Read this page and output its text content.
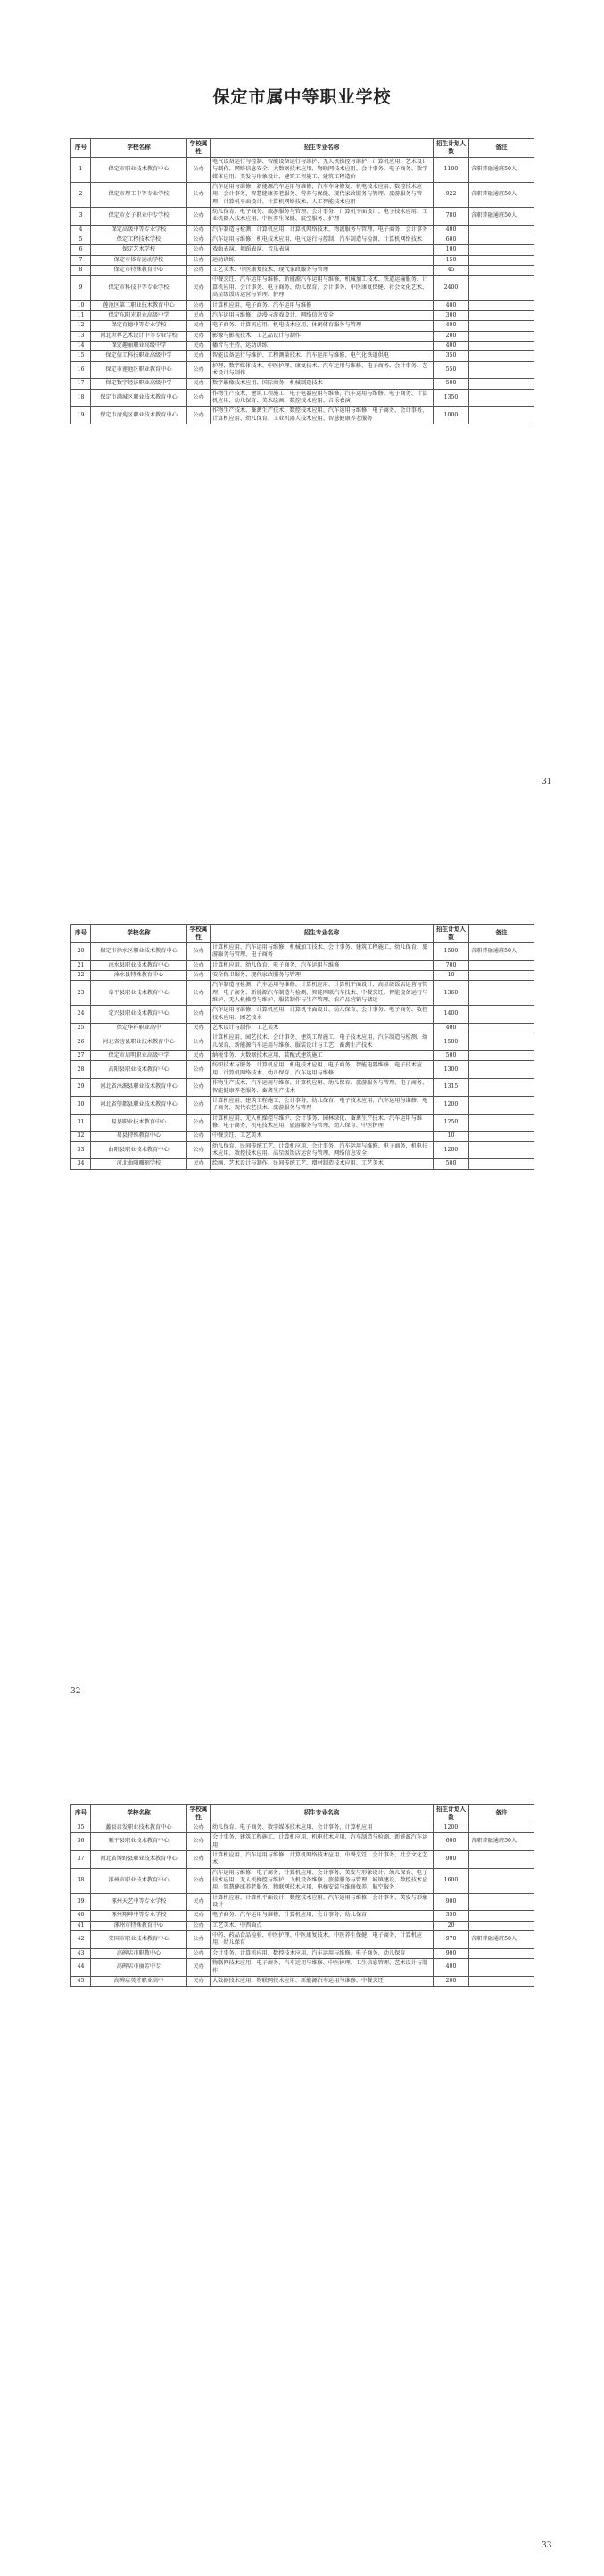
保定市属中等职业学校
序号	学校名称	学校属性	招生专业名称	招生计划人数	备注
1	保定市职业技术教育中心	公办	电气设备运行与控制、智能设备运行与维护、无人机操控与维护、计算机应用、艺术设计与制作、网络信息安全、大数据技术应用、物联网技术应用、会计事务、电子商务、数字媒体应用、美发与形象设计、建筑工程施工、建筑工程造价	1100	含职普融通班50人
2	保定市理工中等专业学校	公办	汽车运用与维修、新能源汽车运用与维修、汽车车身修复、机电技术应用、数控技术应用、会计事务、智慧健康养老服务、营养与保健、现代家政服务与管理、旅游服务与管理、计算机平面设计、计算机网络技术、人工智能技术应用	922	含职普融通班50人
3	保定市女子职业中专学校	公办	幼儿保育、电子商务、旅游服务与管理、会计事务、计算机平面设计、电子技术应用、工业机器人技术应用、中医养生保健、航空服务、护理	780	含职普融通班50人
4	保定高级中等专业学校	公办	汽车制造与检测、计算机应用、计算机网络技术、物流服务与管理、电子商务、会计事务	400	
5	保定工程技术学校	公办	汽车运用与维修、机电技术应用、电气运行与控制、汽车制造与检测、计算机网络技术	600	
6	保定艺术学校	公办	戏曲表演、舞蹈表演、音乐表演	100	
7	保定市体育运动学校	公办	运动训练	150	
8	保定市特殊教育中心	公办	工艺美术、中医康复技术、现代家政服务与管理	45	
9	保定市科技中等专业学校	民办	中餐烹饪、汽车运用与维修、新能源汽车运用与维修、机械加工技术、铁道运输服务、计算机应用、会计事务、电子商务、幼儿保育、会计事务、中医康复保健、社会文化艺术、高星级饭店运营与管理、护理	2400	
10	莲池区第二职业技术教育中心	公办	计算机应用、电子商务、汽车运用与维修	400	
11	保定东阳光职业高级中学	民办	汽车运用与维修、动漫与游戏设计、网络信息安全	300	
12	保定育德中等专业学校	民办	电子商务、计算机应用、机电技术应用、休闲体育服务与管理	400	
13	河北世界艺术设计中等专业学校	民办	影像与影视技术、工艺品设计与制作	200	
14	保定趣丽职业高级中学	民办	播音与主持、运动训练	400	
15	保定信工科技职业高级中学	民办	智能设备运行与维护、工程测量技术、汽车运用与维修、电气化铁道供电	350	
16	保定市莲池区职业教育中心	公办	护理、数字媒体技术、中医护理、康复技术、汽车运用与维修、电子商务、会计事务、艺术设计与制作	550	
17	保定数字经济职业高级中学	民办	数字影像技术应用、国际商务、机械制造技术	500	
18	保定市满城区职业技术教育中心	公办	作物生产技术、建筑工程施工、电子电器应用与维修、汽车运用与维修、电子商务、计算机应用、幼儿保育、美术绘画、数控技术应用、音乐表演	1350	
19	保定市清苑区职业技术教育中心	公办	作物生产技术、畜禽生产技术、数控技术应用、汽车运用与维修、电子商务、会计事务、计算机应用、幼儿保育、工业机器人技术应用、智慧健康养老服务	1000	
31
序号	学校名称	学校属性	招生专业名称	招生计划人数	备注
20	保定市徐水区职业技术教育中心	公办	计算机应用、汽车运用与维修、机械加工技术、会计事务、建筑工程施工、幼儿保育、旅游服务与管理、电子商务	1500	含职普融通班50人
21	涞水县职业技术教育中心	公办	计算机应用、幼儿保育、电子商务、汽车运用与维修	700	
22	涞水县特殊教育中心	公办	安全保卫服务、现代家政服务与管理	10	
23	阜平县职业技术教育中心	公办	汽车制造与检测、汽车运用与维修、计算机应用、计算机平面设计、高星级饭店运营与管理、电子商务、新能源汽车制造与检测、智能网联汽车技术、中餐烹饪、智能设备运行与维护、无人机操控与维护、服装制作与生产管理、农产品营销与储运	1360	
24	定兴县职业技术教育中心	公办	汽车运用与维修、计算机应用、计算机平面设计、幼儿保育、会计事务、电子商务、数控技术应用、园艺技术	1400	
25	保定华祥职业高中	民办	艺术设计与制作、工艺美术	400	
26	河北省唐县职业技术教育中心	公办	计算机应用、园艺技术、会计事务、建筑工程施工、电子技术应用、汽车制造与检测、幼儿保育、新能源汽车运用与维修、服装设计与工艺、畜禽生产技术	1500	
27	保定市启明职业高级中学	民办	納税事务、大数据技术应用、装配式建筑施工	500	
28	高阳县职业技术教育中心	公办	纺织技术与服务、计算机应用、机电技术应用、电子商务、智能电器维修、电子技术应用、计算机网络技术、幼儿保育、汽车运用与维修	1300	
29	河北省涞源县职业技术教育中心	公办	作物生产技术、汽车运用与维修、计算机应用、幼儿保育、旅游服务与管理、电子商务、智能健康养老服务、畜禽生产技术	1315	
30	河北省望都县职业技术教育中心	公办	计算机应用、建筑工程施工、会计事务、幼儿保育、电子技术应用、汽车运用与维修、电子商务、现代农艺技术、旅游服务与管理	1200	
31	易县职业技术教育中心	公办	计算机应用、无人机操控与维护、会计事务、园林绿化、畜禽生产技术、汽车运用与维修、电子商务、机电技术应用、旅游服务与管理、幼儿保育、中医护理	1250	
32	易县特殊教育中心	公办	中餐烹饪、工艺美术	10	
33	曲阳县职业技术教育中心	公办	幼儿保育、民间传统工艺、计算机应用、会计事务、汽车运用与维修、电子商务、机电技术应用、数控技术应用、高星级饭店运营与管理、网络信息安全	1200	
34	河北曲阳雕刻学校	民办	绘画、艺术设计与制作、民间传统工艺、增材制造技术应用、工艺美术	500	
32
序号	学校名称	学校属性	招生专业名称	招生计划人数	备注
35	蠡县启发职业技术教育中心	公办	幼儿保育、电子商务、数字媒体技术应用、会计事务、计算机应用	1200	
36	顺平县职业技术教育中心	公办	会计事务、建筑工程施工、计算机应用、机电技术应用、汽车制造与检测、新能源汽车运用	600	含职普融通班50人
37	河北省博野县职业技术教育中心	公办	计算机应用、汽车运用与维修、计算机网络技术应用、中餐烹饪、会计事务、社会文化艺术	900	
38	涿州市职业技术教育中心	公办	汽车运用与维修、电子商务、计算机应用、会计事务、美发与形象设计、幼儿保育、电子技术应用、无人机操控与维护、飞机设备维修、旅游服务与管理、城镇建设、数控技术应用、智慧健康养老服务、物联网技术应用、电梯安装与维修保养、航空服务	1600	
39	涿州天艺中等专业学校	民办	计算机应用、计算机平面设计、数控技术应用、汽车运用与维修、会计事务、美发与形象设计	900	
40	涿州翔坤中等专业学校	民办	电子商务、汽车运用与维修、计算机应用、会计事务、幼儿保育	350	
41	涿州市特殊教育中心	公办	工艺美术、中西面点	20	
42	安国市职业技术教育中心	公办	中药、药品食品检验、中医护理、中医康复技术、中医养生保健、电子商务、计算机应用、幼儿保育	970	含职普融通班50人
43	高碑店市职教中心	公办	会计事务、计算机应用、数控技术应用、汽车运用与维修、电子商务、幼儿保育	900	
44	高碑店市丽芳中专	民办	物联网技术应用、电子商务、汽车运用与维修、中医护理、卫生信息管理、艺术设计与制作	400	
45	高碑店英才职业高中	民办	大数据技术应用、物联网技术应用、新能源汽车运用与维修、中餐烹饪	200	
33
